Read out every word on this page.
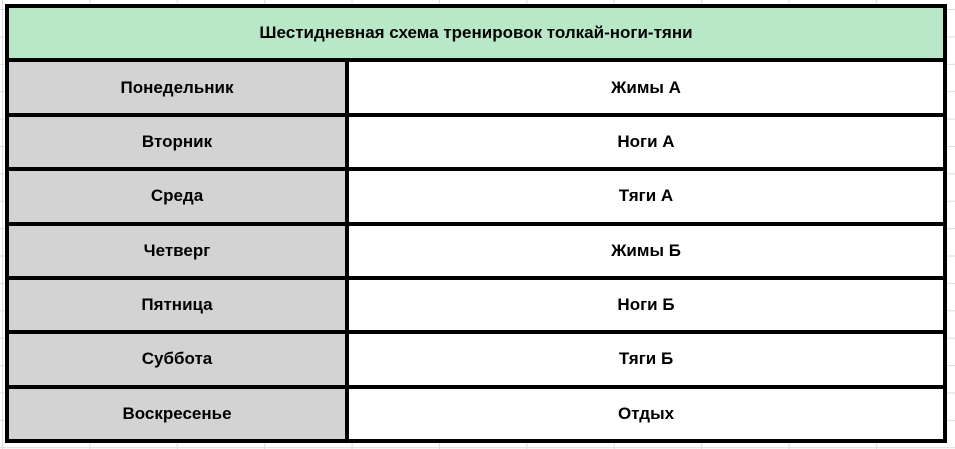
Шестидневная схема тренировок толкай-ноги-тяни
Понедельник	Жимы А
Вторник	Ноги А
Среда	Тяги А
Четверг	Жимы Б
Пятница	Ноги Б
Суббота	Тяги Б
Воскресенье	Отдых
